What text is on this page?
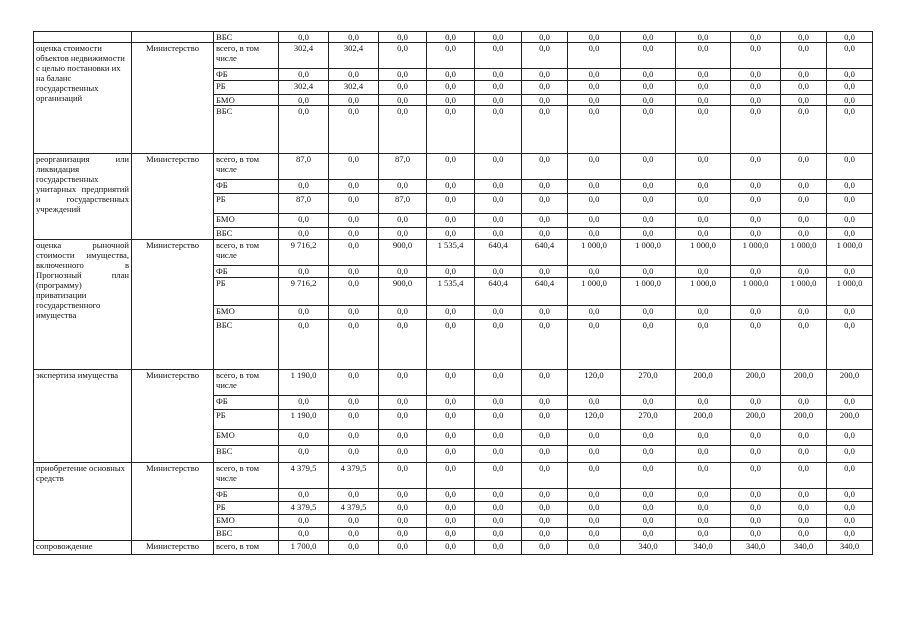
		ВБС	0,0	0,0	0,0	0,0	0,0	0,0	0,0	0,0	0,0	0,0	0,0	0,0
оценка стоимости объектов недвижимости с целью постановки их на баланс государственных организаций	Министерство	всего, в том числе	302,4	302,4	0,0	0,0	0,0	0,0	0,0	0,0	0,0	0,0	0,0	0,0
		ФБ	0,0	0,0	0,0	0,0	0,0	0,0	0,0	0,0	0,0	0,0	0,0	0,0
		РБ	302,4	302,4	0,0	0,0	0,0	0,0	0,0	0,0	0,0	0,0	0,0	0,0
		БМО	0,0	0,0	0,0	0,0	0,0	0,0	0,0	0,0	0,0	0,0	0,0	0,0
		ВБС	0,0	0,0	0,0	0,0	0,0	0,0	0,0	0,0	0,0	0,0	0,0	0,0
реорганизация или ликвидация государственных унитарных предприятий и государственных учреждений	Министерство	всего, в том числе	87,0	0,0	87,0	0,0	0,0	0,0	0,0	0,0	0,0	0,0	0,0	0,0
		ФБ	0,0	0,0	0,0	0,0	0,0	0,0	0,0	0,0	0,0	0,0	0,0	0,0
		РБ	87,0	0,0	87,0	0,0	0,0	0,0	0,0	0,0	0,0	0,0	0,0	0,0
		БМО	0,0	0,0	0,0	0,0	0,0	0,0	0,0	0,0	0,0	0,0	0,0	0,0
		ВБС	0,0	0,0	0,0	0,0	0,0	0,0	0,0	0,0	0,0	0,0	0,0	0,0
оценка рыночной стоимости имущества, включенного в Прогнозный план (программу) приватизации государственного имущества	Министерство	всего, в том числе	9 716,2	0,0	900,0	1 535,4	640,4	640,4	1 000,0	1 000,0	1 000,0	1 000,0	1 000,0	1 000,0
		ФБ	0,0	0,0	0,0	0,0	0,0	0,0	0,0	0,0	0,0	0,0	0,0	0,0
		РБ	9 716,2	0,0	900,0	1 535,4	640,4	640,4	1 000,0	1 000,0	1 000,0	1 000,0	1 000,0	1 000,0
		БМО	0,0	0,0	0,0	0,0	0,0	0,0	0,0	0,0	0,0	0,0	0,0	0,0
		ВБС	0,0	0,0	0,0	0,0	0,0	0,0	0,0	0,0	0,0	0,0	0,0	0,0
экспертиза имущества	Министерство	всего, в том числе	1 190,0	0,0	0,0	0,0	0,0	0,0	120,0	270,0	200,0	200,0	200,0	200,0
		ФБ	0,0	0,0	0,0	0,0	0,0	0,0	0,0	0,0	0,0	0,0	0,0	0,0
		РБ	1 190,0	0,0	0,0	0,0	0,0	0,0	120,0	270,0	200,0	200,0	200,0	200,0
		БМО	0,0	0,0	0,0	0,0	0,0	0,0	0,0	0,0	0,0	0,0	0,0	0,0
		ВБС	0,0	0,0	0,0	0,0	0,0	0,0	0,0	0,0	0,0	0,0	0,0	0,0
приобретение основных средств	Министерство	всего, в том числе	4 379,5	4 379,5	0,0	0,0	0,0	0,0	0,0	0,0	0,0	0,0	0,0	0,0
		ФБ	0,0	0,0	0,0	0,0	0,0	0,0	0,0	0,0	0,0	0,0	0,0	0,0
		РБ	4 379,5	4 379,5	0,0	0,0	0,0	0,0	0,0	0,0	0,0	0,0	0,0	0,0
		БМО	0,0	0,0	0,0	0,0	0,0	0,0	0,0	0,0	0,0	0,0	0,0	0,0
		ВБС	0,0	0,0	0,0	0,0	0,0	0,0	0,0	0,0	0,0	0,0	0,0	0,0
сопровождение	Министерство	всего, в том	1 700,0	0,0	0,0	0,0	0,0	0,0	0,0	340,0	340,0	340,0	340,0	340,0
